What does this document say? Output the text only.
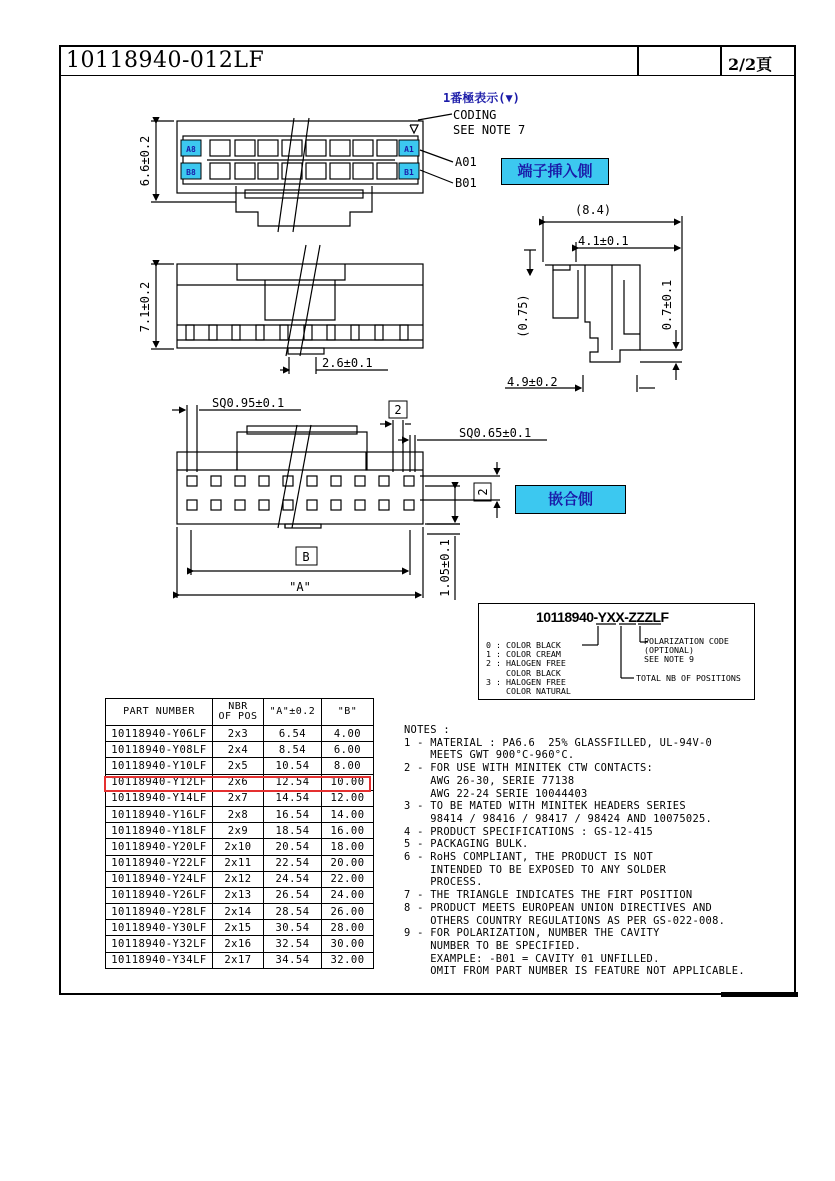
10118940-012LF	2/2頁
A8
B8
A1
B1
1番極表示(▼)
CODING
SEE NOTE 7
A01
B01
6.6±0.2
7.1±0.2
2.6±0.1
(8.4)
4.1±0.1
(0.75)	0.7±0.1
4.9±0.2
SQ0.95±0.1
SQ0.65±0.1
2
2
B
"A"	1.05±0.1
端子挿入側
嵌合側
10118940-YXX-ZZZLF
0 : COLOR BLACK
1 : COLOR CREAM
2 : HALOGEN FREE
COLOR BLACK
3 : HALOGEN FREE
COLOR NATURAL
POLARIZATION CODE
(OPTIONAL)
SEE NOTE 9
TOTAL NB OF POSITIONS
PART NUMBER	NBR
OF POS	"A"±0.2	"B"
10118940-Y06LF	2x3	6.54	4.00
10118940-Y08LF	2x4	8.54	6.00
10118940-Y10LF	2x5	10.54	8.00
10118940-Y12LF	2x6	12.54	10.00
10118940-Y14LF	2x7	14.54	12.00
10118940-Y16LF	2x8	16.54	14.00
10118940-Y18LF	2x9	18.54	16.00
10118940-Y20LF	2x10	20.54	18.00
10118940-Y22LF	2x11	22.54	20.00
10118940-Y24LF	2x12	24.54	22.00
10118940-Y26LF	2x13	26.54	24.00
10118940-Y28LF	2x14	28.54	26.00
10118940-Y30LF	2x15	30.54	28.00
10118940-Y32LF	2x16	32.54	30.00
10118940-Y34LF	2x17	34.54	32.00
NOTES :
1 - MATERIAL : PA6.6  25% GLASSFILLED, UL-94V-0
MEETS GWT 900°C-960°C.
2 - FOR USE WITH MINITEK CTW CONTACTS:
AWG 26-30, SERIE 77138
AWG 22-24 SERIE 10044403
3 - TO BE MATED WITH MINITEK HEADERS SERIES
98414 / 98416 / 98417 / 98424 AND 10075025.
4 - PRODUCT SPECIFICATIONS : GS-12-415
5 - PACKAGING BULK.
6 - RoHS COMPLIANT, THE PRODUCT IS NOT
INTENDED TO BE EXPOSED TO ANY SOLDER
PROCESS.
7 - THE TRIANGLE INDICATES THE FIRT POSITION
8 - PRODUCT MEETS EUROPEAN UNION DIRECTIVES AND
OTHERS COUNTRY REGULATIONS AS PER GS-022-008.
9 - FOR POLARIZATION, NUMBER THE CAVITY
NUMBER TO BE SPECIFIED.
EXAMPLE: -B01 = CAVITY 01 UNFILLED.
OMIT FROM PART NUMBER IS FEATURE NOT APPLICABLE.
